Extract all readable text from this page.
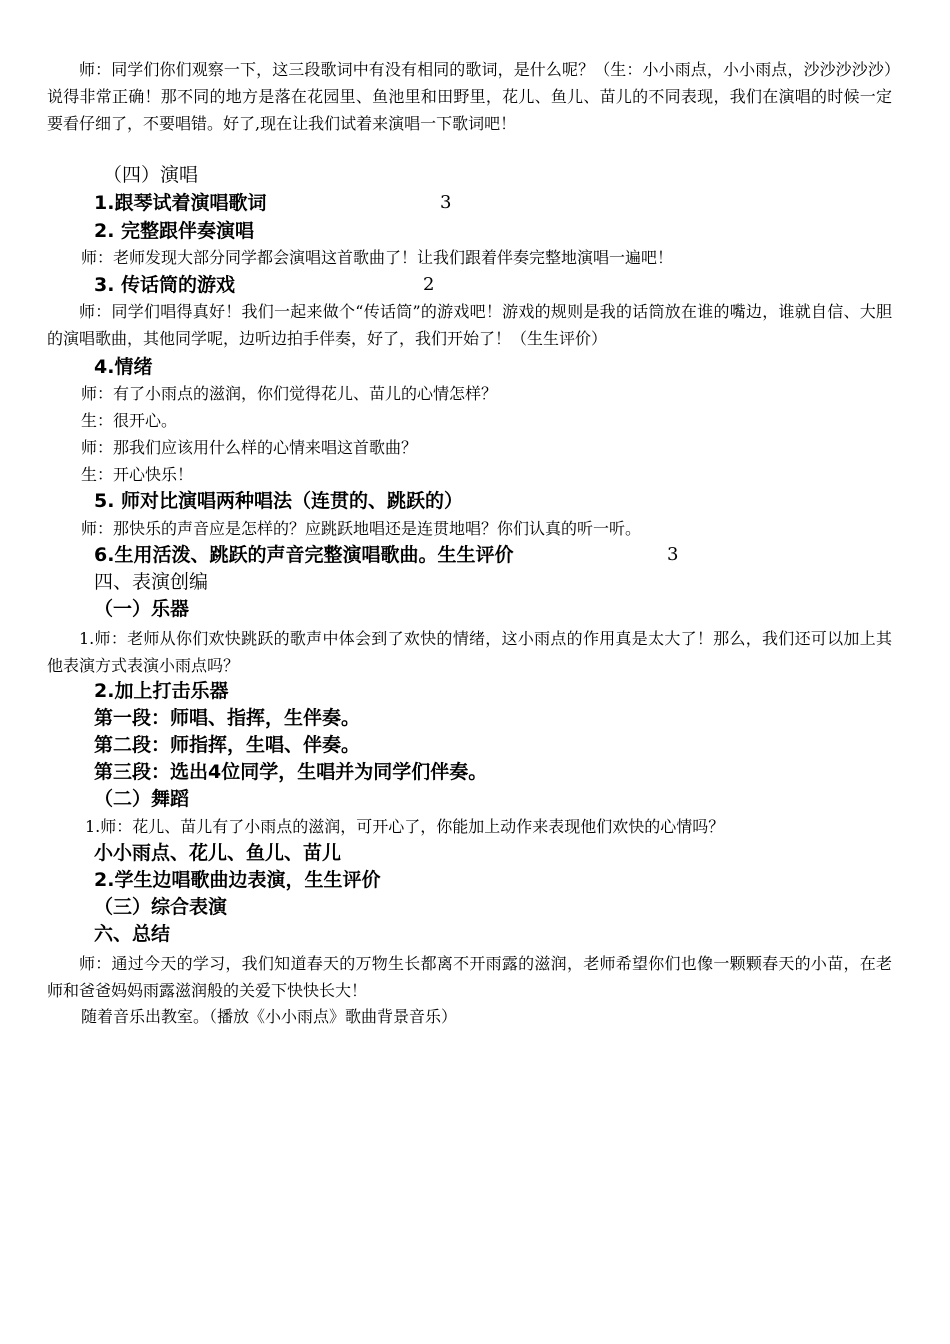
师：同学们你们观察一下，这三段歌词中有没有相同的歌词，是什么呢？（生：小小雨点，小小雨点，沙沙沙沙沙）说得非常正确！那不同的地方是落在花园里、鱼池里和田野里，花儿、鱼儿、苗儿的不同表现，我们在演唱的时候一定要看仔细了，不要唱错。好了,现在让我们试着来演唱一下歌词吧！

（四）演唱
1.跟琴试着演唱歌词	3
2. 完整跟伴奏演唱
师：老师发现大部分同学都会演唱这首歌曲了！让我们跟着伴奏完整地演唱一遍吧！
3. 传话筒的游戏	2

师：同学们唱得真好！我们一起来做个“传话筒”的游戏吧！游戏的规则是我的话筒放在谁的嘴边，谁就自信、大胆的演唱歌曲，其他同学呢，边听边拍手伴奏，好了，我们开始了！（生生评价）

4.情绪
师：有了小雨点的滋润，你们觉得花儿、苗儿的心情怎样？
生：很开心。
师：那我们应该用什么样的心情来唱这首歌曲？
生：开心快乐！
5. 师对比演唱两种唱法（连贯的、跳跃的）
师：那快乐的声音应是怎样的？应跳跃地唱还是连贯地唱？你们认真的听一听。
6.生用活泼、跳跃的声音完整演唱歌曲。生生评价	3
四、表演创编
（一）乐器

1.师：老师从你们欢快跳跃的歌声中体会到了欢快的情绪，这小雨点的作用真是太大了！那么，我们还可以加上其他表演方式表演小雨点吗？

2.加上打击乐器
第一段：师唱、指挥，生伴奏。
第二段：师指挥，生唱、伴奏。
第三段：选出4位同学，生唱并为同学们伴奏。
（二）舞蹈
1.师：花儿、苗儿有了小雨点的滋润，可开心了，你能加上动作来表现他们欢快的心情吗？
小小雨点、花儿、鱼儿、苗儿
2.学生边唱歌曲边表演，生生评价
（三）综合表演
六、总结

师：通过今天的学习，我们知道春天的万物生长都离不开雨露的滋润，老师希望你们也像一颗颗春天的小苗，在老师和爸爸妈妈雨露滋润般的关爱下快快长大！

随着音乐出教室。（播放《小小雨点》歌曲背景音乐）
